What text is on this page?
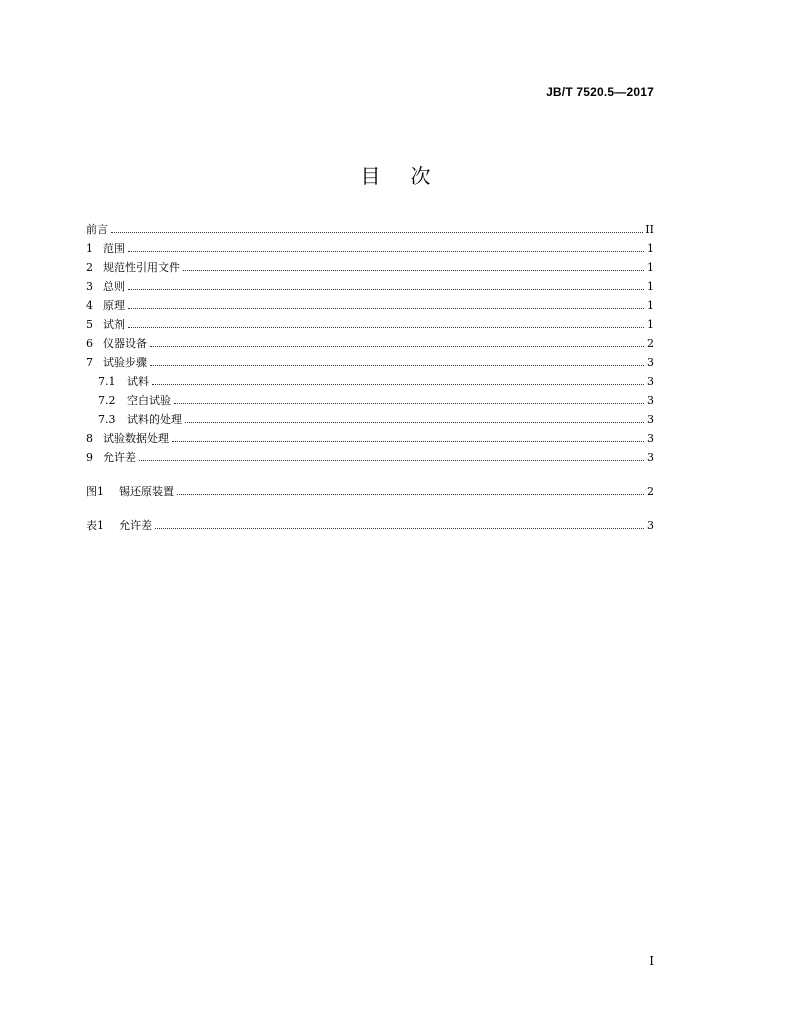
JB/T 7520.5—2017
目次
前言	II
1 范围	1
2 规范性引用文件	1
3 总则	1
4 原理	1
5 试剂	1
6 仪器设备	2
7 试验步骤	3
7.1	试料	3
7.2	空白试验	3
7.3	试料的处理	3
8 试验数据处理	3
9 允许差	3
图1	锡还原装置	2
表1	允许差	3
I
